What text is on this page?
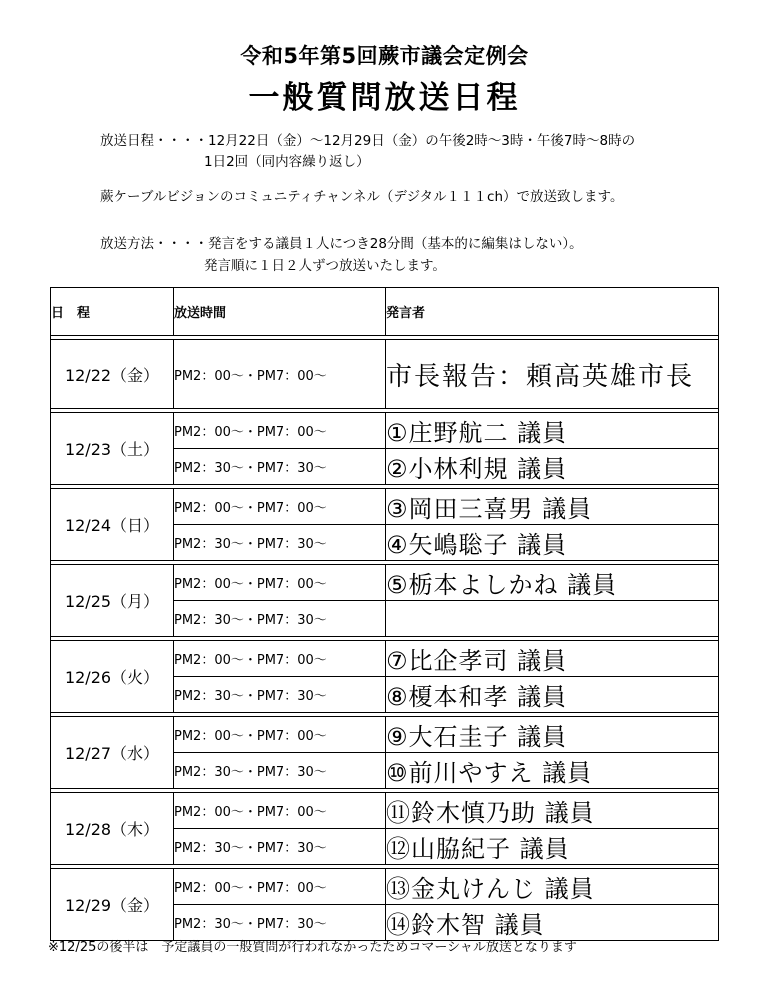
令和5年第5回蕨市議会定例会
一般質問放送日程
放送日程・・・・12月22日（金）～12月29日（金）の午後2時～3時・午後7時～8時の
1日2回（同内容繰り返し）
蕨ケーブルビジョンのコミュニティチャンネル（デジタル１１１ch）で放送致します。
放送方法・・・・発言をする議員１人につき28分間（基本的に編集はしない）。
発言順に１日２人ずつ放送いたします。
日　程	放送時間	発言者

12/22（金）	PM2：00～・PM7：00～	市長報告：頼高英雄市長

12/23（土）	PM2：00～・PM7：00～	①庄野航二 議員
	PM2：30～・PM7：30～	②小林利規 議員

12/24（日）	PM2：00～・PM7：00～	③岡田三喜男 議員
	PM2：30～・PM7：30～	④矢嶋聡子 議員

12/25（月）	PM2：00～・PM7：00～	⑤栃本よしかね 議員
	PM2：30～・PM7：30～	

12/26（火）	PM2：00～・PM7：00～	⑦比企孝司 議員
	PM2：30～・PM7：30～	⑧榎本和孝 議員

12/27（水）	PM2：00～・PM7：00～	⑨大石圭子 議員
	PM2：30～・PM7：30～	⑩前川やすえ 議員

12/28（木）	PM2：00～・PM7：00～	⑪鈴木慎乃助 議員
	PM2：30～・PM7：30～	⑫山脇紀子 議員

12/29（金）	PM2：00～・PM7：00～	⑬金丸けんじ 議員
	PM2：30～・PM7：30～	⑭鈴木智 議員
※12/25の後半は　予定議員の一般質問が行われなかったためコマーシャル放送となります
